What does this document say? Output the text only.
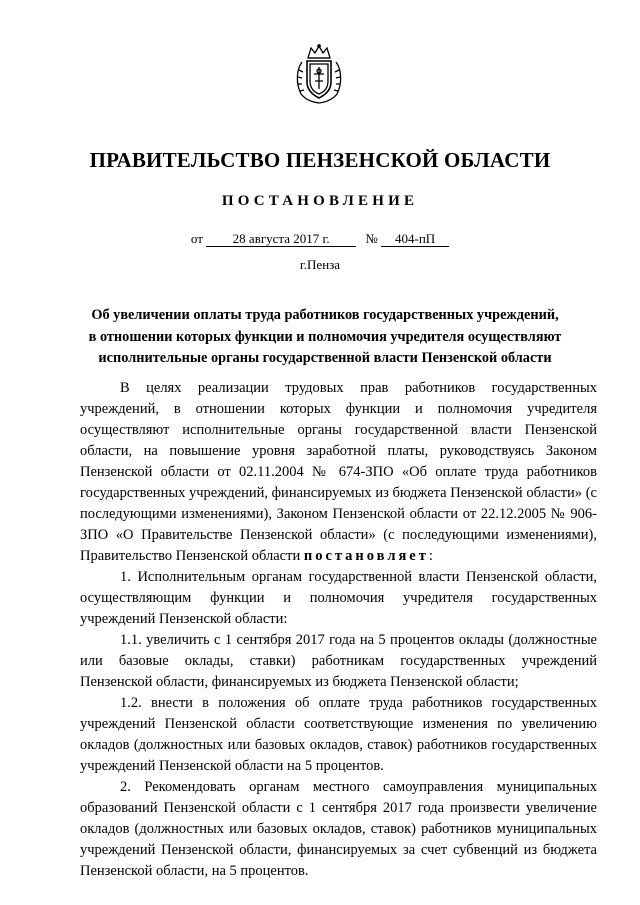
ПРАВИТЕЛЬСТВО ПЕНЗЕНСКОЙ ОБЛАСТИ
ПОСТАНОВЛЕНИЕ
от 28 августа 2017 г.	№ 404-пП
г.Пенза
Об увеличении оплаты труда работников государственных учреждений,
в отношении которых функции и полномочия учредителя осуществляют
исполнительные органы государственной власти Пензенской области

В целях реализации трудовых прав работников государственных учреждений, в отношении которых функции и полномочия учредителя осуществляют исполнительные органы государственной власти Пензенской области, на повышение уровня заработной платы, руководствуясь Законом Пензенской области от 02.11.2004 № 674-ЗПО «Об оплате труда работников государственных учреждений, финансируемых из бюджета Пензенской области» (с последующими изменениями), Законом Пензенской области от 22.12.2005 № 906-ЗПО «О Правительстве Пензенской области» (с последующими изменениями), Правительство Пензенской области постановляет:

1. Исполнительным органам государственной власти Пензенской области, осуществляющим функции и полномочия учредителя государственных учреждений Пензенской области:

1.1. увеличить с 1 сентября 2017 года на 5 процентов оклады (должностные или базовые оклады, ставки) работникам государственных учреждений Пензенской области, финансируемых из бюджета Пензенской области;

1.2. внести в положения об оплате труда работников государственных учреждений Пензенской области соответствующие изменения по увеличению окладов (должностных или базовых окладов, ставок) работников государственных учреждений Пензенской области на 5 процентов.

2. Рекомендовать органам местного самоуправления муниципальных образований Пензенской области с 1 сентября 2017 года произвести увеличение окладов (должностных или базовых окладов, ставок) работников муниципальных учреждений Пензенской области, финансируемых за счет субвенций из бюджета Пензенской области, на 5 процентов.
